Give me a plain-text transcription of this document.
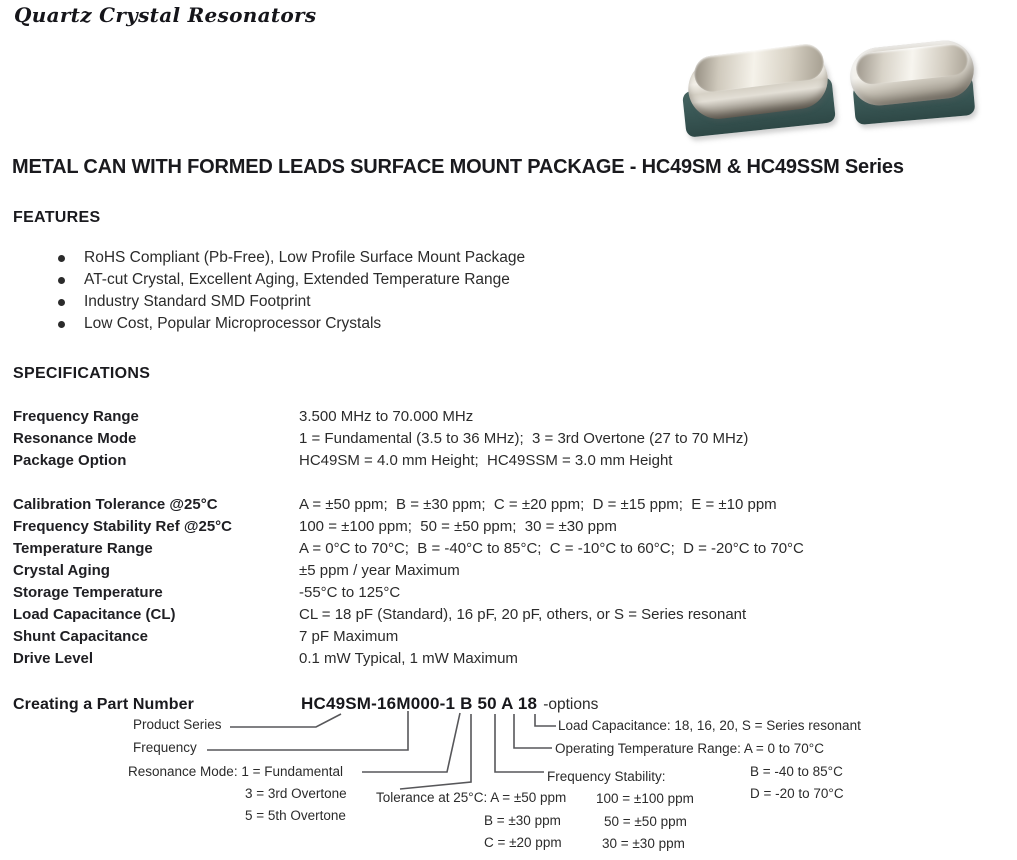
Quartz Crystal Resonators
METAL CAN WITH FORMED LEADS SURFACE MOUNT PACKAGE - HC49SM & HC49SSM Series
FEATURES
RoHS Compliant (Pb-Free), Low Profile Surface Mount Package
AT-cut Crystal, Excellent Aging, Extended Temperature Range
Industry Standard SMD Footprint
Low Cost, Popular Microprocessor Crystals
SPECIFICATIONS
Frequency Range	3.500 MHz to 70.000 MHz
Resonance Mode	1 = Fundamental (3.5 to 36 MHz);  3 = 3rd Overtone (27 to 70 MHz)
Package Option	HC49SM = 4.0 mm Height;  HC49SSM = 3.0 mm Height
Calibration Tolerance @25°C	A = ±50 ppm;  B = ±30 ppm;  C = ±20 ppm;  D = ±15 ppm;  E = ±10 ppm
Frequency Stability Ref @25°C	100 = ±100 ppm;  50 = ±50 ppm;  30 = ±30 ppm
Temperature Range	A = 0°C to 70°C;  B = -40°C to 85°C;  C = -10°C to 60°C;  D = -20°C to 70°C
Crystal Aging	±5 ppm / year Maximum
Storage Temperature	-55°C to 125°C
Load Capacitance (CL)	CL = 18 pF (Standard), 16 pF, 20 pF, others, or S = Series resonant
Shunt Capacitance	7 pF Maximum
Drive Level	0.1 mW Typical, 1 mW Maximum
Creating a Part Number	HC49SM-16M000-1 B 50 A 18 -options
Product Series
Frequency
Resonance Mode: 1 = Fundamental
3 = 3rd Overtone
5 = 5th Overtone
Tolerance at 25°C: A = ±50 ppm
B = ±30 ppm
C = ±20 ppm
Load Capacitance: 18, 16, 20, S = Series resonant
Operating Temperature Range: A = 0 to 70°C
B = -40 to 85°C
D = -20 to 70°C
Frequency Stability:
100 = ±100 ppm
50 = ±50 ppm
30 = ±30 ppm
